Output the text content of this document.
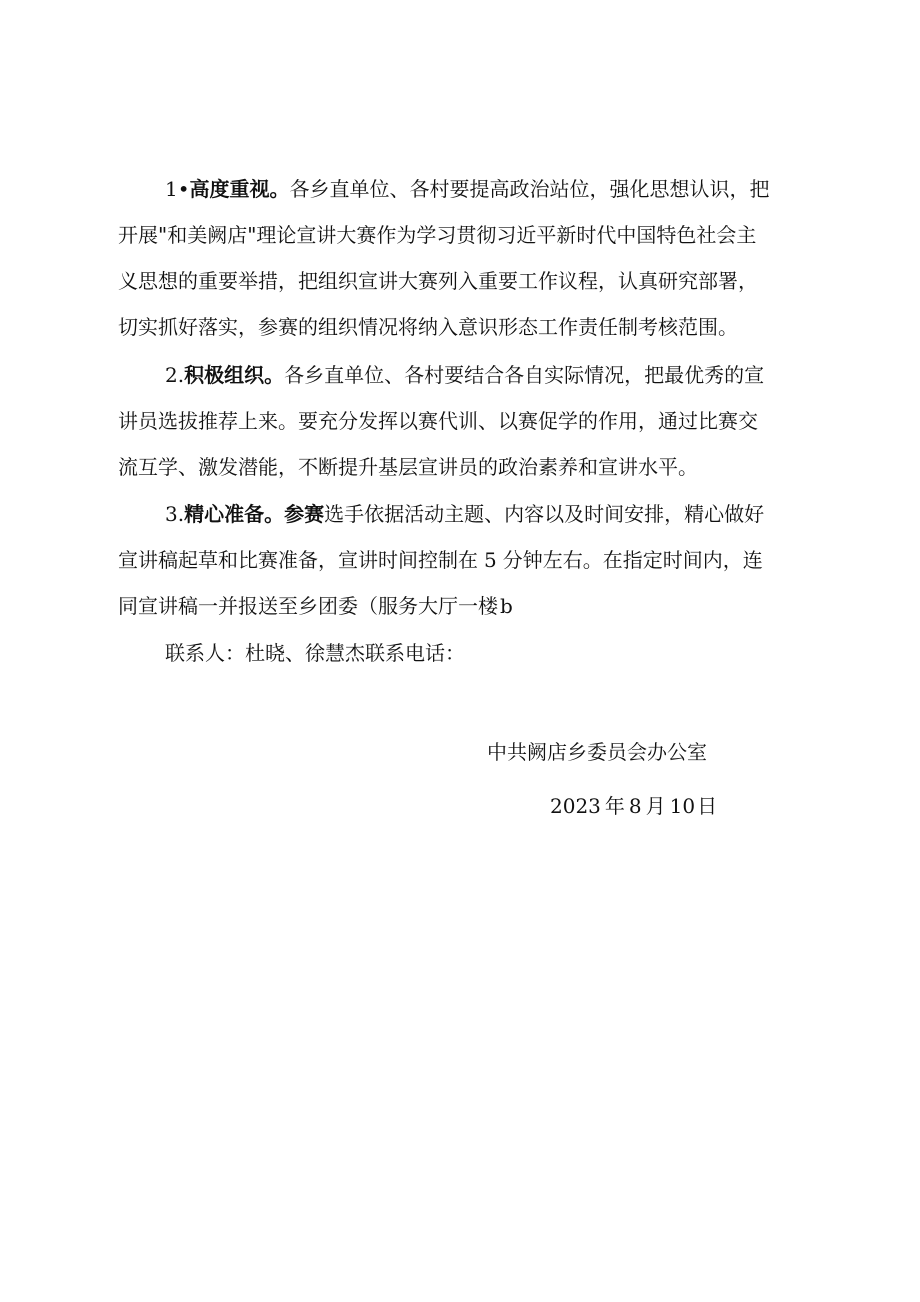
1•高度重视。各乡直单位、各村要提高政治站位，强化思想认识，把
开展"和美阙店"理论宣讲大赛作为学习贯彻习近平新时代中国特色社会主
义思想的重要举措，把组织宣讲大赛列入重要工作议程，认真研究部署，
切实抓好落实，参赛的组织情况将纳入意识形态工作责任制考核范围。
2.积极组织。各乡直单位、各村要结合各自实际情况，把最优秀的宣
讲员选拔推荐上来。要充分发挥以赛代训、以赛促学的作用，通过比赛交
流互学、激发潜能，不断提升基层宣讲员的政治素养和宣讲水平。
3.精心准备。参赛选手依据活动主题、内容以及时间安排，精心做好
宣讲稿起草和比赛准备，宣讲时间控制在 5 分钟左右。在指定时间内，连
同宣讲稿一并报送至乡团委（服务大厅一楼 b
联系人：杜晓、徐慧杰联系电话：
中共阙店乡委员会办公室
2023 年 8 月 10 日
